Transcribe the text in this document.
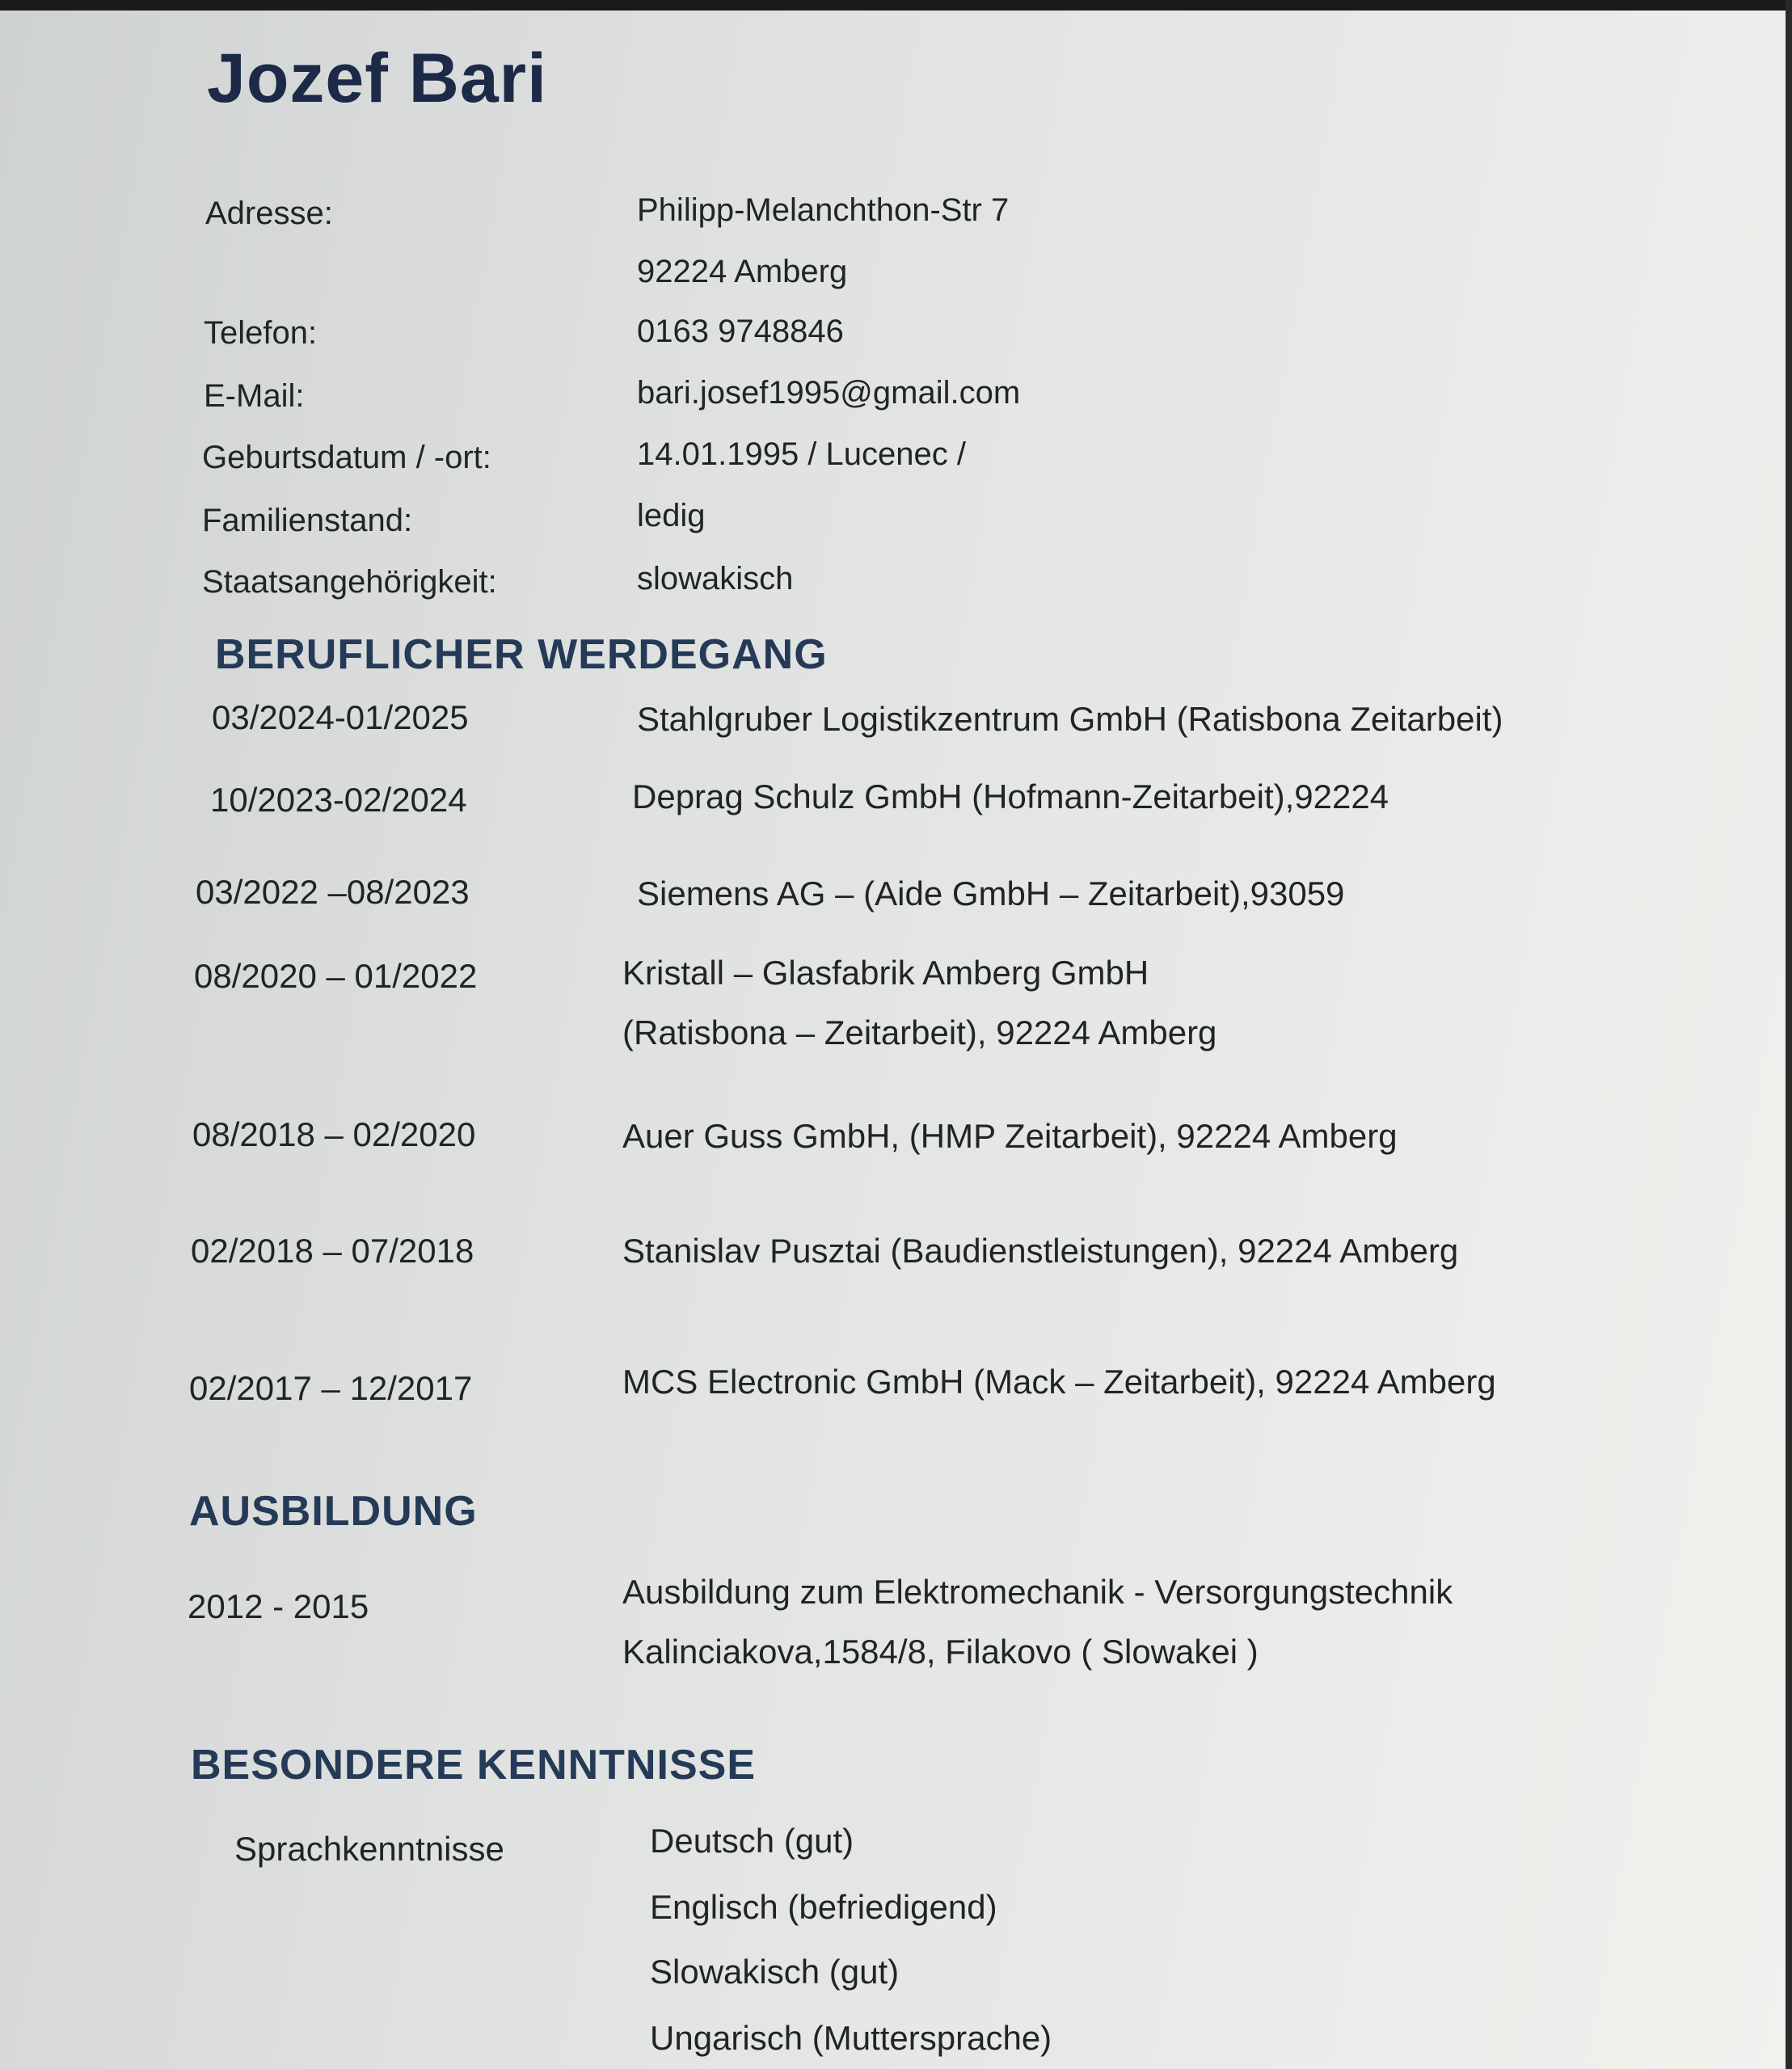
Jozef Bari
Adresse:	Philipp-Melanchthon-Str 7
92224 Amberg
Telefon:	0163 9748846
E-Mail:	bari.josef1995@gmail.com
Geburtsdatum / -ort:	14.01.1995 / Lucenec /
Familienstand:	ledig
Staatsangehörigkeit:	slowakisch
BERUFLICHER WERDEGANG
03/2024-01/2025	Stahlgruber Logistikzentrum GmbH (Ratisbona Zeitarbeit)
10/2023-02/2024	Deprag Schulz GmbH (Hofmann-Zeitarbeit),92224
03/2022 –08/2023	Siemens AG – (Aide GmbH – Zeitarbeit),93059
08/2020 – 01/2022	Kristall – Glasfabrik Amberg GmbH
(Ratisbona – Zeitarbeit), 92224 Amberg
08/2018 – 02/2020	Auer Guss GmbH, (HMP Zeitarbeit), 92224 Amberg
02/2018 – 07/2018	Stanislav Pusztai (Baudienstleistungen), 92224 Amberg
02/2017 – 12/2017	MCS Electronic GmbH (Mack – Zeitarbeit), 92224 Amberg
AUSBILDUNG
2012 - 2015	Ausbildung zum Elektromechanik - Versorgungstechnik
Kalinciakova,1584/8, Filakovo ( Slowakei )
BESONDERE KENNTNISSE
Sprachkenntnisse	Deutsch (gut)
Englisch (befriedigend)
Slowakisch (gut)
Ungarisch (Muttersprache)
